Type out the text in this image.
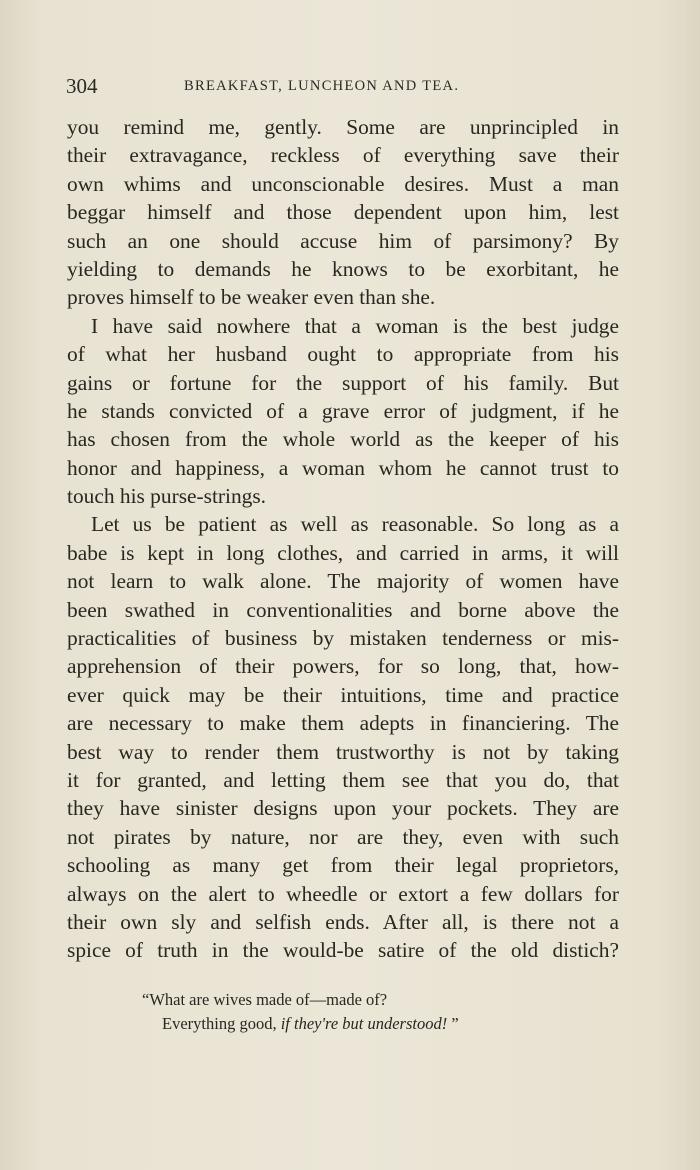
304	BREAKFAST, LUNCHEON AND TEA.
you remind me, gently. Some are unprincipled in
their extravagance, reckless of everything save their
own whims and unconscionable desires. Must a man
beggar himself and those dependent upon him, lest
such an one should accuse him of parsimony? By
yielding to demands he knows to be exorbitant, he
proves himself to be weaker even than she.
I have said nowhere that a woman is the best judge
of what her husband ought to appropriate from his
gains or fortune for the support of his family. But
he stands convicted of a grave error of judgment, if he
has chosen from the whole world as the keeper of his
honor and happiness, a woman whom he cannot trust to
touch his purse-strings.
Let us be patient as well as reasonable. So long as a
babe is kept in long clothes, and carried in arms, it will
not learn to walk alone. The majority of women have
been swathed in conventionalities and borne above the
practicalities of business by mistaken tenderness or mis-
apprehension of their powers, for so long, that, how-
ever quick may be their intuitions, time and practice
are necessary to make them adepts in financiering. The
best way to render them trustworthy is not by taking
it for granted, and letting them see that you do, that
they have sinister designs upon your pockets. They are
not pirates by nature, nor are they, even with such
schooling as many get from their legal proprietors,
always on the alert to wheedle or extort a few dollars for
their own sly and selfish ends. After all, is there not a
spice of truth in the would-be satire of the old distich?
“What are wives made of—made of?
Everything good, if they're but understood! ”
